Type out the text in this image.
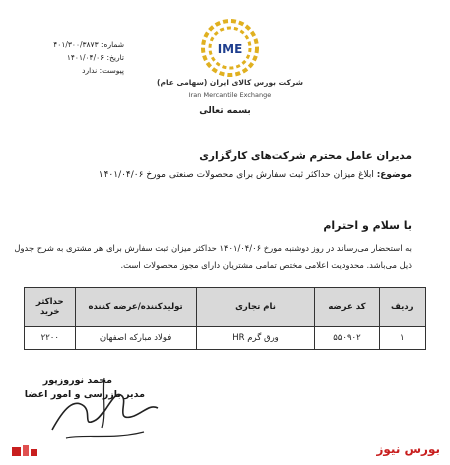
شماره: ۴۰۱/۳۰۰/۳۸۷۳
تاریخ: ۱۴۰۱/۰۴/۰۶
پیوست: ندارد
IME
شرکت بورس کالای ایران (سهامی عام)
Iran Mercantile Exchange
بسمه تعالی
مدیران عامل محترم شرکت‌های کارگزاری
موضوع: ابلاغ میزان حداکثر ثبت سفارش برای محصولات صنعتی مورخ ۱۴۰۱/۰۴/۰۶
با سلام و احترام
به استحضار می‌رساند در روز دوشنبه مورخ ۱۴۰۱/۰۴/۰۶ حداکثر میزان ثبت سفارش برای هر مشتری به شرح جدول ذیل می‌باشد. محدودیت اعلامی مختص تمامی مشتریان دارای مجوز محصولات است.
ردیف	کد عرضه	نام تجاری	تولیدکننده/عرضه کننده	حداکثر خرید
۱	۵۵۰۹۰۲	ورق گرم HR	فولاد مبارکه اصفهان	۲۲۰۰
محمد نوروزپور
مدیر بازرسی و امور اعضا
بورس نیوز
